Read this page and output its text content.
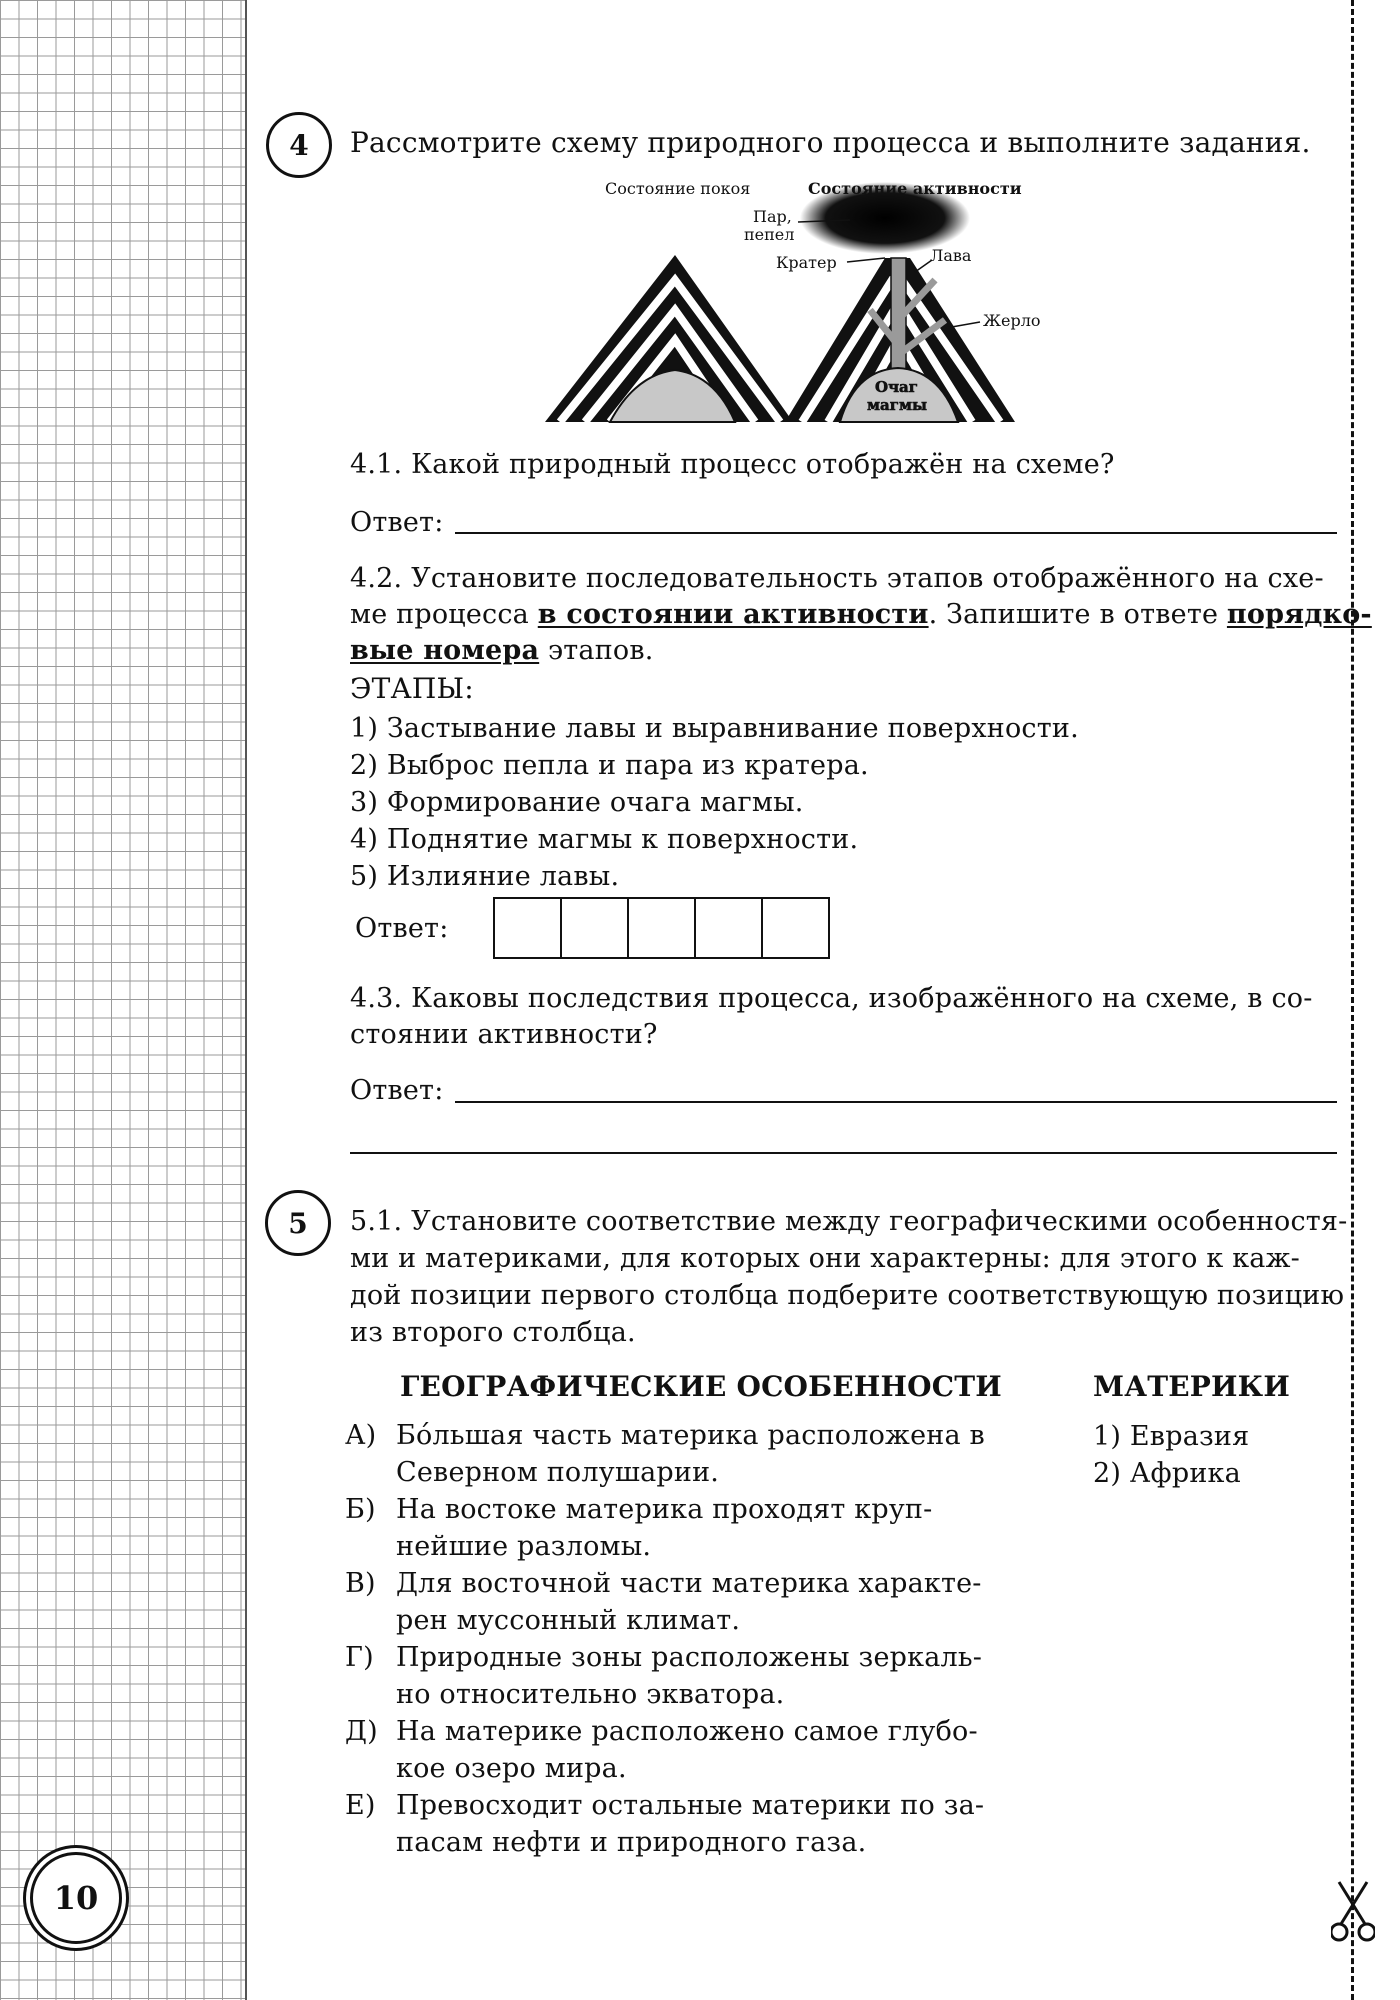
10
4	Рассмотрите схему природного процесса и выполните задания.
Состояние покоя	Состояние активности
Пар,
пепел
Кратер	Лава
Жерло
Очаг
магмы
4.1. Какой природный процесс отображён на схеме?
Ответ:
4.2. Установите последовательность этапов отображённого на схе-
ме процесса в состоянии активности. Запишите в ответе порядко-
вые номера этапов.
ЭТАПЫ:
1) Застывание лавы и выравнивание поверхности.
2) Выброс пепла и пара из кратера.
3) Формирование очага магмы.
4) Поднятие магмы к поверхности.
5) Излияние лавы.
Ответ:
4.3. Каковы последствия процесса, изображённого на схеме, в со-
стоянии активности?
Ответ:
5	5.1. Установите соответствие между географическими особенностя-
ми и материками, для которых они характерны: для этого к каж-
дой позиции первого столбца подберите соответствующую позицию
из второго столбца.
ГЕОГРАФИЧЕСКИЕ ОСОБЕННОСТИ	МАТЕРИКИ
А) Бо́льшая часть материка расположена в
Северном полушарии.
Б) На востоке материка проходят круп-
нейшие разломы.
В) Для восточной части материка характе-
рен муссонный климат.
Г) Природные зоны расположены зеркаль-
но относительно экватора.
Д) На материке расположено самое глубо-
кое озеро мира.
Е) Превосходит остальные материки по за-
пасам нефти и природного газа.
1) Евразия
2) Африка
